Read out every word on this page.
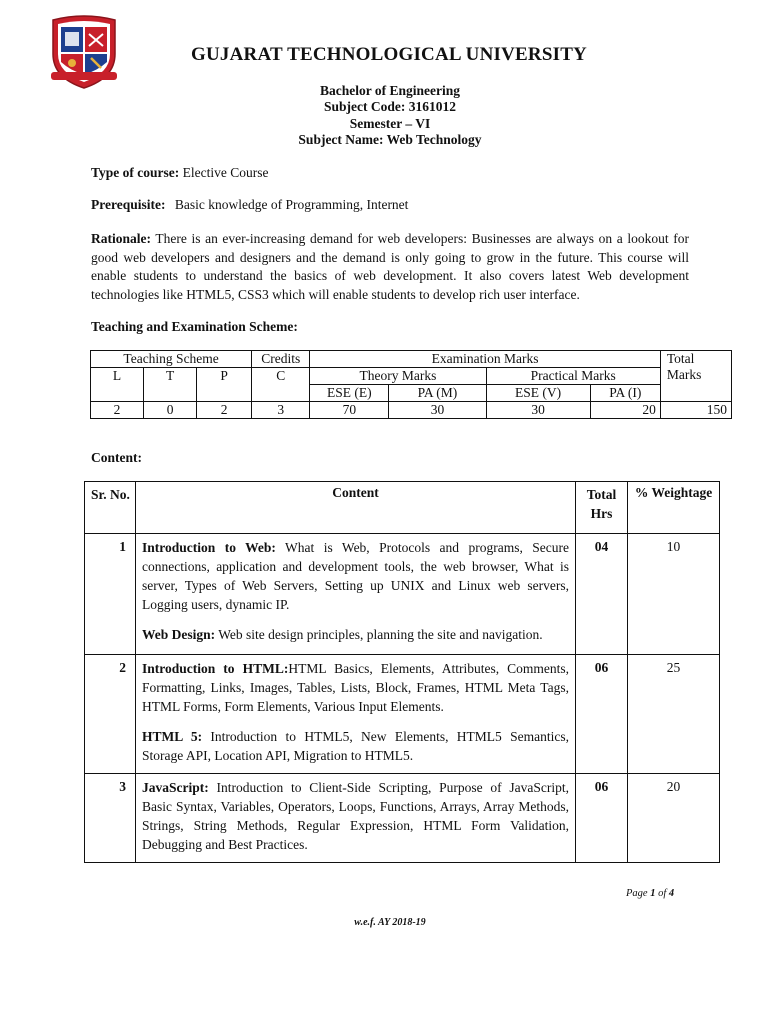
GUJARAT TECHNOLOGICAL UNIVERSITY
Bachelor of Engineering
Subject Code: 3161012
Semester – VI
Subject Name: Web Technology
Type of course: Elective Course
Prerequisite: Basic knowledge of Programming, Internet
Rationale: There is an ever-increasing demand for web developers: Businesses are always on a lookout for good web developers and designers and the demand is only going to grow in the future. This course will enable students to understand the basics of web development. It also covers latest Web development technologies like HTML5, CSS3 which will enable students to develop rich user interface.
Teaching and Examination Scheme:
Teaching Scheme			Credits	Examination Marks				Total Marks
L	T	P	C	Theory Marks		Practical Marks		
				ESE (E)	PA (M)	ESE (V)	PA (I)	
2	0	2	3	70	30	30	20	150
Content:
Sr. No.	Content	Total Hrs	% Weightage
1	Introduction to Web: What is Web, Protocols and programs, Secure connections, application and development tools, the web browser, What is server, Types of Web Servers, Setting up UNIX and Linux web servers, Logging users, dynamic IP.

Web Design: Web site design principles, planning the site and navigation.	04	10
2	Introduction to HTML:HTML Basics, Elements, Attributes, Comments, Formatting, Links, Images, Tables, Lists, Block, Frames, HTML Meta Tags, HTML Forms, Form Elements, Various Input Elements.

HTML 5: Introduction to HTML5, New Elements, HTML5 Semantics, Storage API, Location API, Migration to HTML5.	06	25
3	JavaScript: Introduction to Client-Side Scripting, Purpose of JavaScript, Basic Syntax, Variables, Operators, Loops, Functions, Arrays, Array Methods, Strings, String Methods, Regular Expression, HTML Form Validation, Debugging and Best Practices.	06	20
Page 1 of 4
w.e.f. AY 2018-19
